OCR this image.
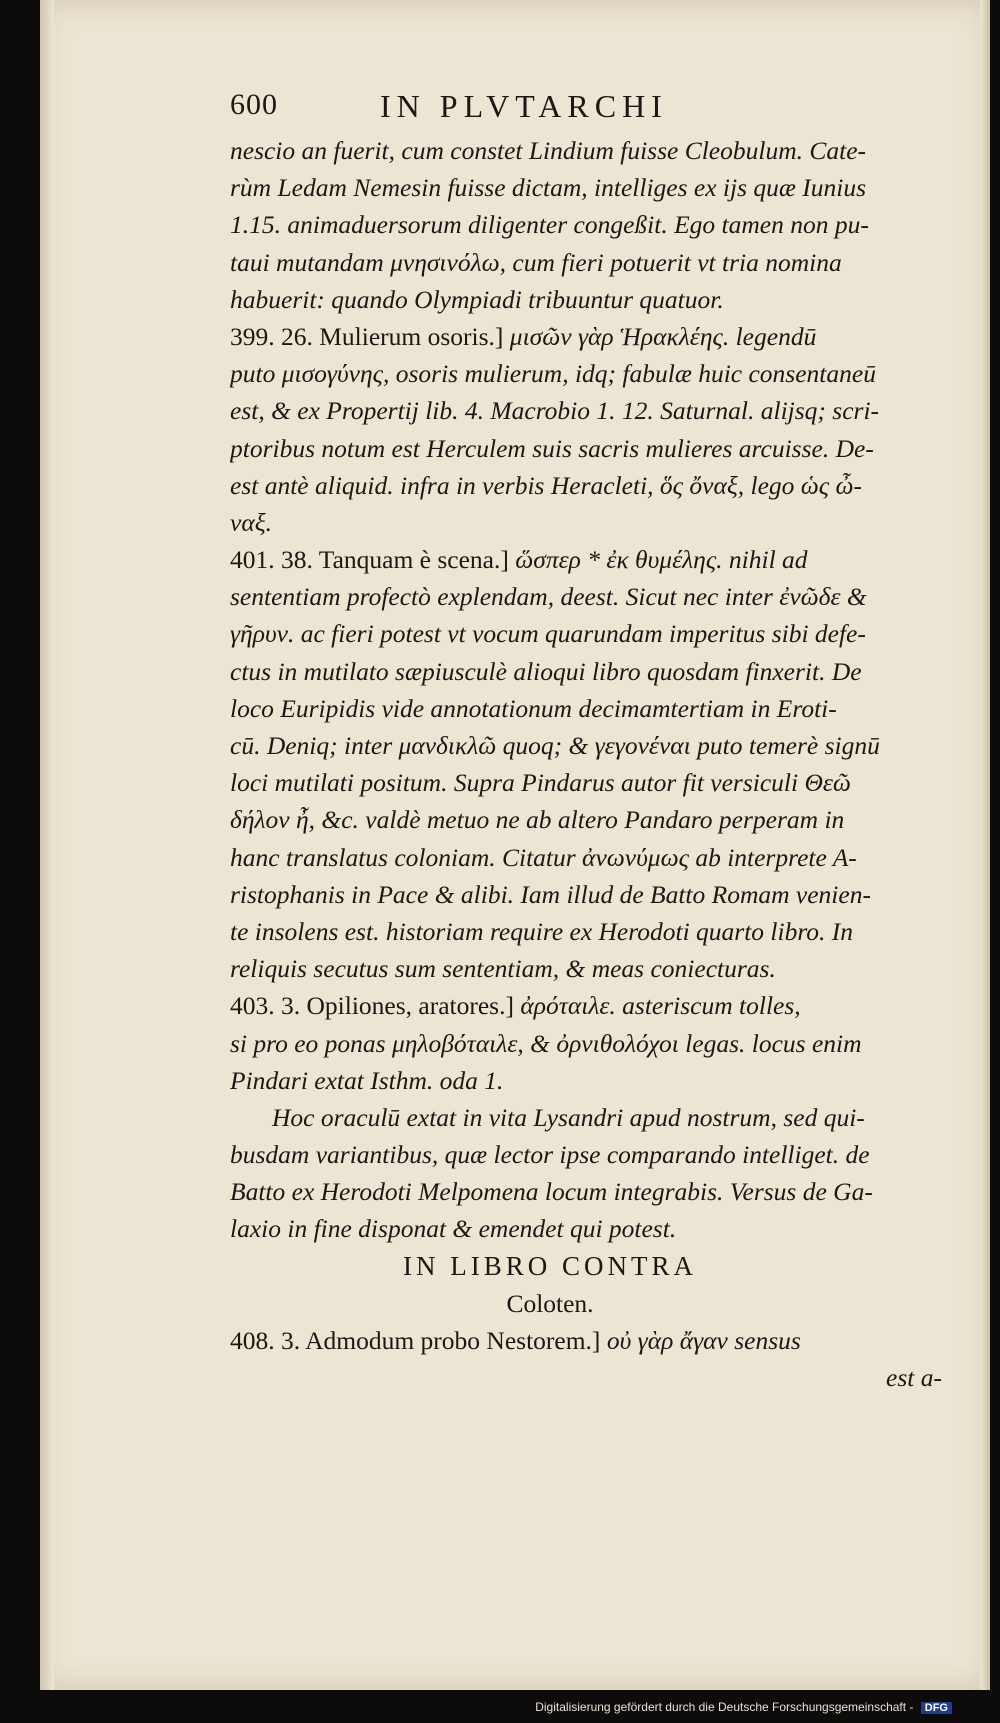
600	IN PLVTARCHI
nescio an fuerit, cum constet Lindium fuisse Cleobulum. Cate-
rùm Ledam Nemesin fuisse dictam, intelliges ex ijs quæ Iunius
1.15. animaduersorum diligenter congeßit. Ego tamen non pu-
taui mutandam μνησινόλω, cum fieri potuerit vt tria nomina
habuerit: quando Olympiadi tribuuntur quatuor.
399. 26. Mulierum osoris.] μισῶν γὰρ Ἡρακλέης. legendū
puto μισογύνης, osoris mulierum, idq; fabulæ huic consentaneū
est, & ex Propertij lib. 4. Macrobio 1. 12. Saturnal. alijsq; scri-
ptoribus notum est Herculem suis sacris mulieres arcuisse. De-
est antè aliquid. infra in verbis Heracleti, ὅς ὄναξ, lego ὡς ὦ-
ναξ.
401. 38. Tanquam è scena.] ὥσπερ * ἐκ θυμέλης. nihil ad
sententiam profectò explendam, deest. Sicut nec inter ἐνῶδε &
γῆρυν. ac fieri potest vt vocum quarundam imperitus sibi defe-
ctus in mutilato sæpiusculè alioqui libro quosdam finxerit. De
loco Euripidis vide annotationum decimamtertiam in Eroti-
cū. Deniq; inter μανδικλῶ quoq; & γεγονέναι puto temerè signū
loci mutilati positum. Supra Pindarus autor fit versiculi Θεῶ
δήλον ἦ, &c. valdè metuo ne ab altero Pandaro perperam in
hanc translatus coloniam. Citatur ἀνωνύμως ab interprete A-
ristophanis in Pace & alibi. Iam illud de Batto Romam venien-
te insolens est. historiam require ex Herodoti quarto libro. In
reliquis secutus sum sententiam, & meas coniecturas.
403. 3. Opiliones, aratores.] ἀρόταιλε. asteriscum tolles,
si pro eo ponas μηλοβόταιλε, & ὀρνιθολόχοι legas. locus enim
Pindari extat Isthm. oda 1.
Hoc oraculū extat in vita Lysandri apud nostrum, sed qui-
busdam variantibus, quæ lector ipse comparando intelliget. de
Batto ex Herodoti Melpomena locum integrabis. Versus de Ga-
laxio in fine disponat & emendet qui potest.
IN LIBRO CONTRA
Coloten.
408. 3. Admodum probo Nestorem.] οὐ γὰρ ἄγαν sensus
est a-
Digitalisierung gefördert durch die Deutsche Forschungsgemeinschaft - DFG
